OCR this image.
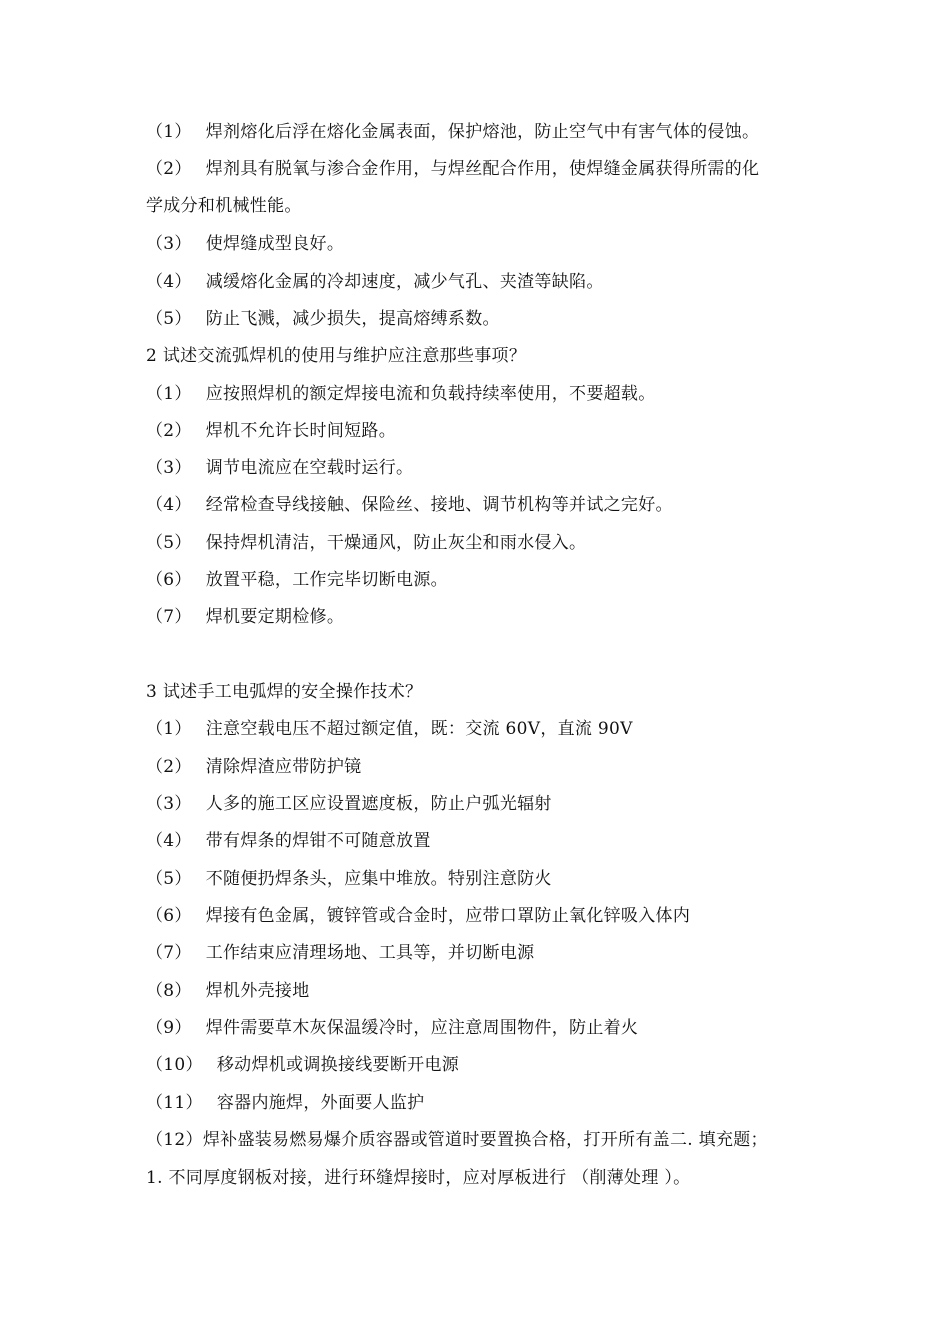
（1） 焊剂熔化后浮在熔化金属表面，保护熔池，防止空气中有害气体的侵蚀。
（2） 焊剂具有脱氧与渗合金作用，与焊丝配合作用，使焊缝金属获得所需的化
学成分和机械性能。
（3） 使焊缝成型良好。
（4） 减缓熔化金属的冷却速度，减少气孔、夹渣等缺陷。
（5） 防止飞溅，减少损失，提高熔缚系数。
2 试述交流弧焊机的使用与维护应注意那些事项？
（1） 应按照焊机的额定焊接电流和负载持续率使用，不要超载。
（2） 焊机不允许长时间短路。
（3） 调节电流应在空载时运行。
（4） 经常检查导线接触、保险丝、接地、调节机构等并试之完好。
（5） 保持焊机清洁，干燥通风，防止灰尘和雨水侵入。
（6） 放置平稳，工作完毕切断电源。
（7） 焊机要定期检修。
3 试述手工电弧焊的安全操作技术？
（1） 注意空载电压不超过额定值，既：交流 60V，直流 90V
（2） 清除焊渣应带防护镜
（3） 人多的施工区应设置遮度板，防止户弧光辐射
（4） 带有焊条的焊钳不可随意放置
（5） 不随便扔焊条头，应集中堆放。特别注意防火
（6） 焊接有色金属，镀锌管或合金时，应带口罩防止氧化锌吸入体内
（7） 工作结束应清理场地、工具等，并切断电源
（8） 焊机外壳接地
（9） 焊件需要草木灰保温缓冷时，应注意周围物件，防止着火
（10） 移动焊机或调换接线要断开电源
（11） 容器内施焊，外面要人监护
（12）焊补盛装易燃易爆介质容器或管道时要置换合格，打开所有盖二. 填充题；
1. 不同厚度钢板对接，进行环缝焊接时，应对厚板进行 （削薄处理 ）。
